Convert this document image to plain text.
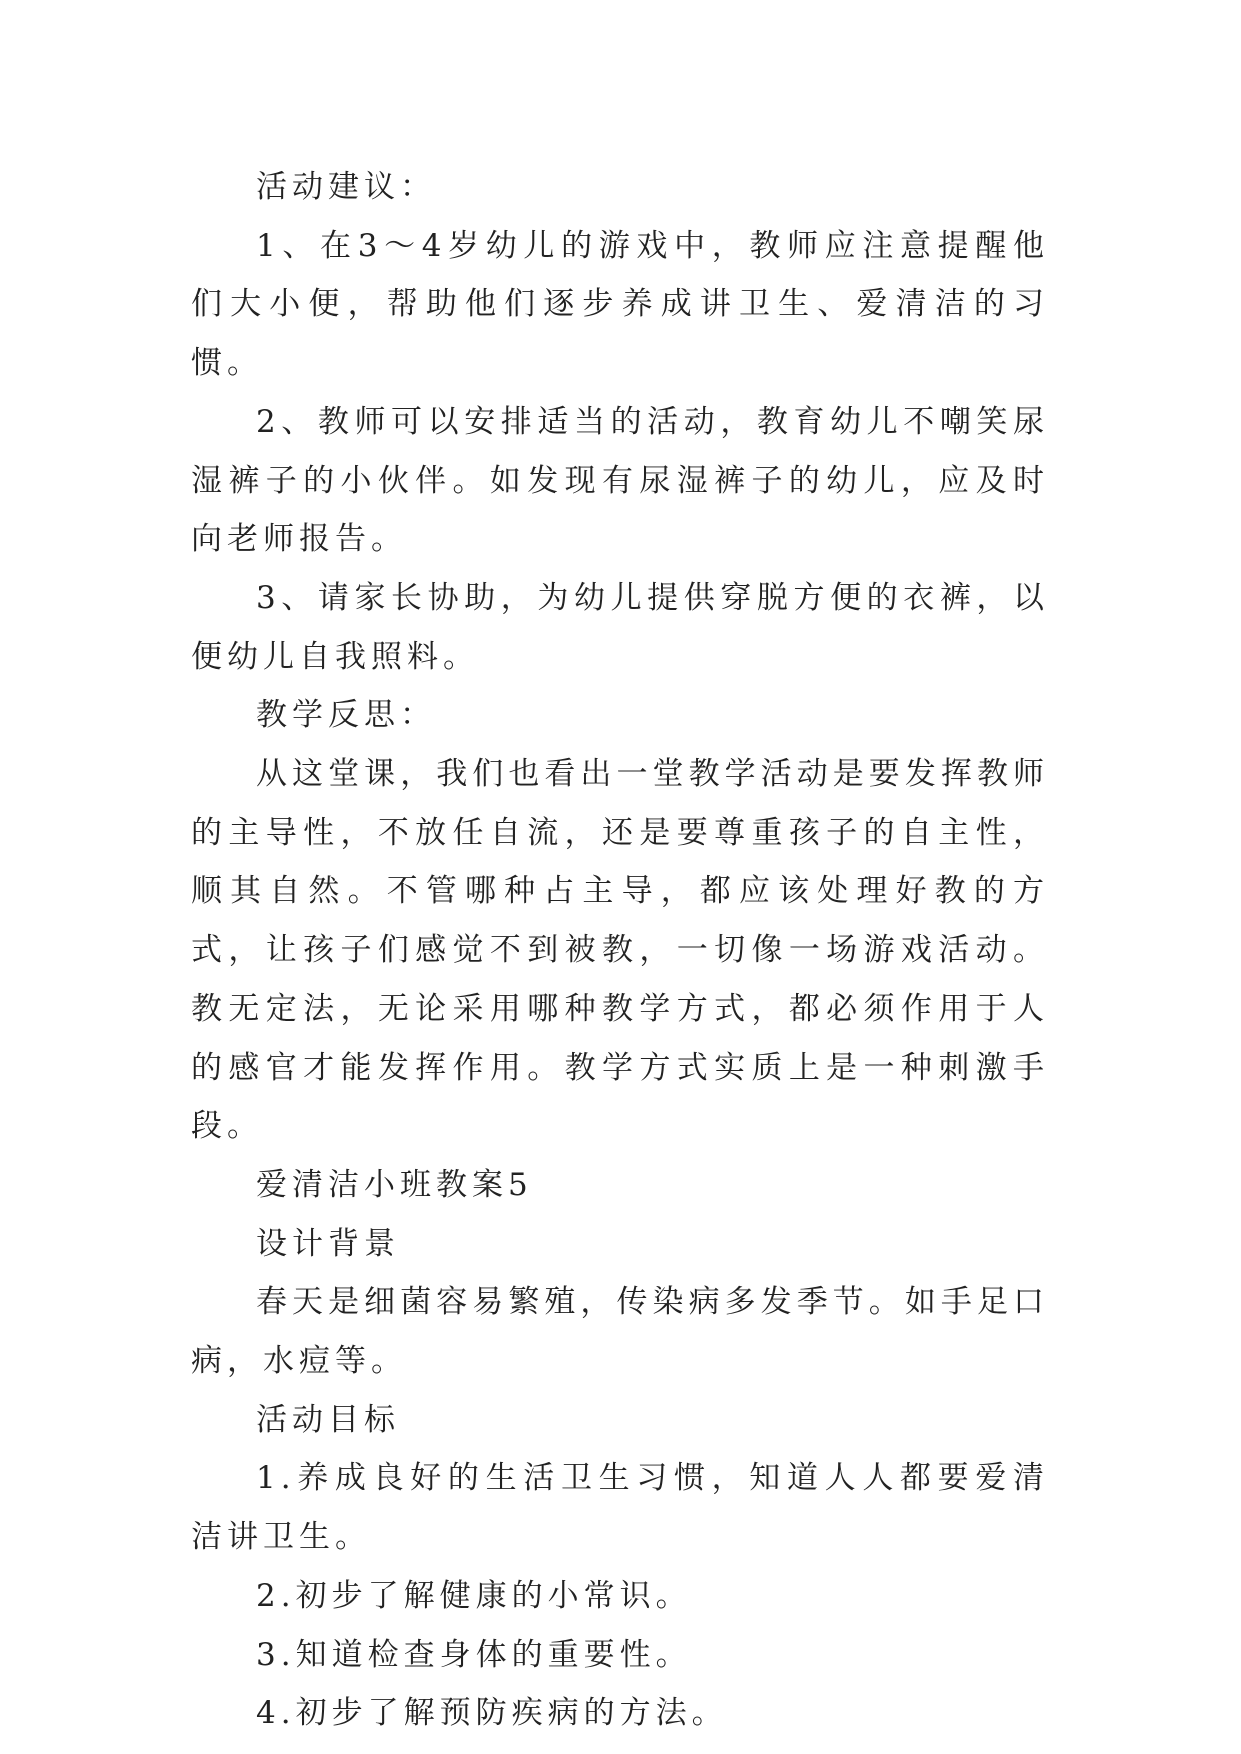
活动建议：

1、在3～4岁幼儿的游戏中，教师应注意提醒他们大小便，帮助他们逐步养成讲卫生、爱清洁的习惯。

2、教师可以安排适当的活动，教育幼儿不嘲笑尿湿裤子的小伙伴。如发现有尿湿裤子的幼儿，应及时向老师报告。

3、请家长协助，为幼儿提供穿脱方便的衣裤，以便幼儿自我照料。

教学反思：

从这堂课，我们也看出一堂教学活动是要发挥教师的主导性，不放任自流，还是要尊重孩子的自主性，顺其自然。不管哪种占主导，都应该处理好教的方式，让孩子们感觉不到被教，一切像一场游戏活动。教无定法，无论采用哪种教学方式，都必须作用于人的感官才能发挥作用。教学方式实质上是一种刺激手段。

爱清洁小班教案5

设计背景

春天是细菌容易繁殖，传染病多发季节。如手足口病，水痘等。

活动目标

1.养成良好的生活卫生习惯，知道人人都要爱清洁讲卫生。

2.初步了解健康的小常识。

3.知道检查身体的重要性。

4.初步了解预防疾病的方法。
